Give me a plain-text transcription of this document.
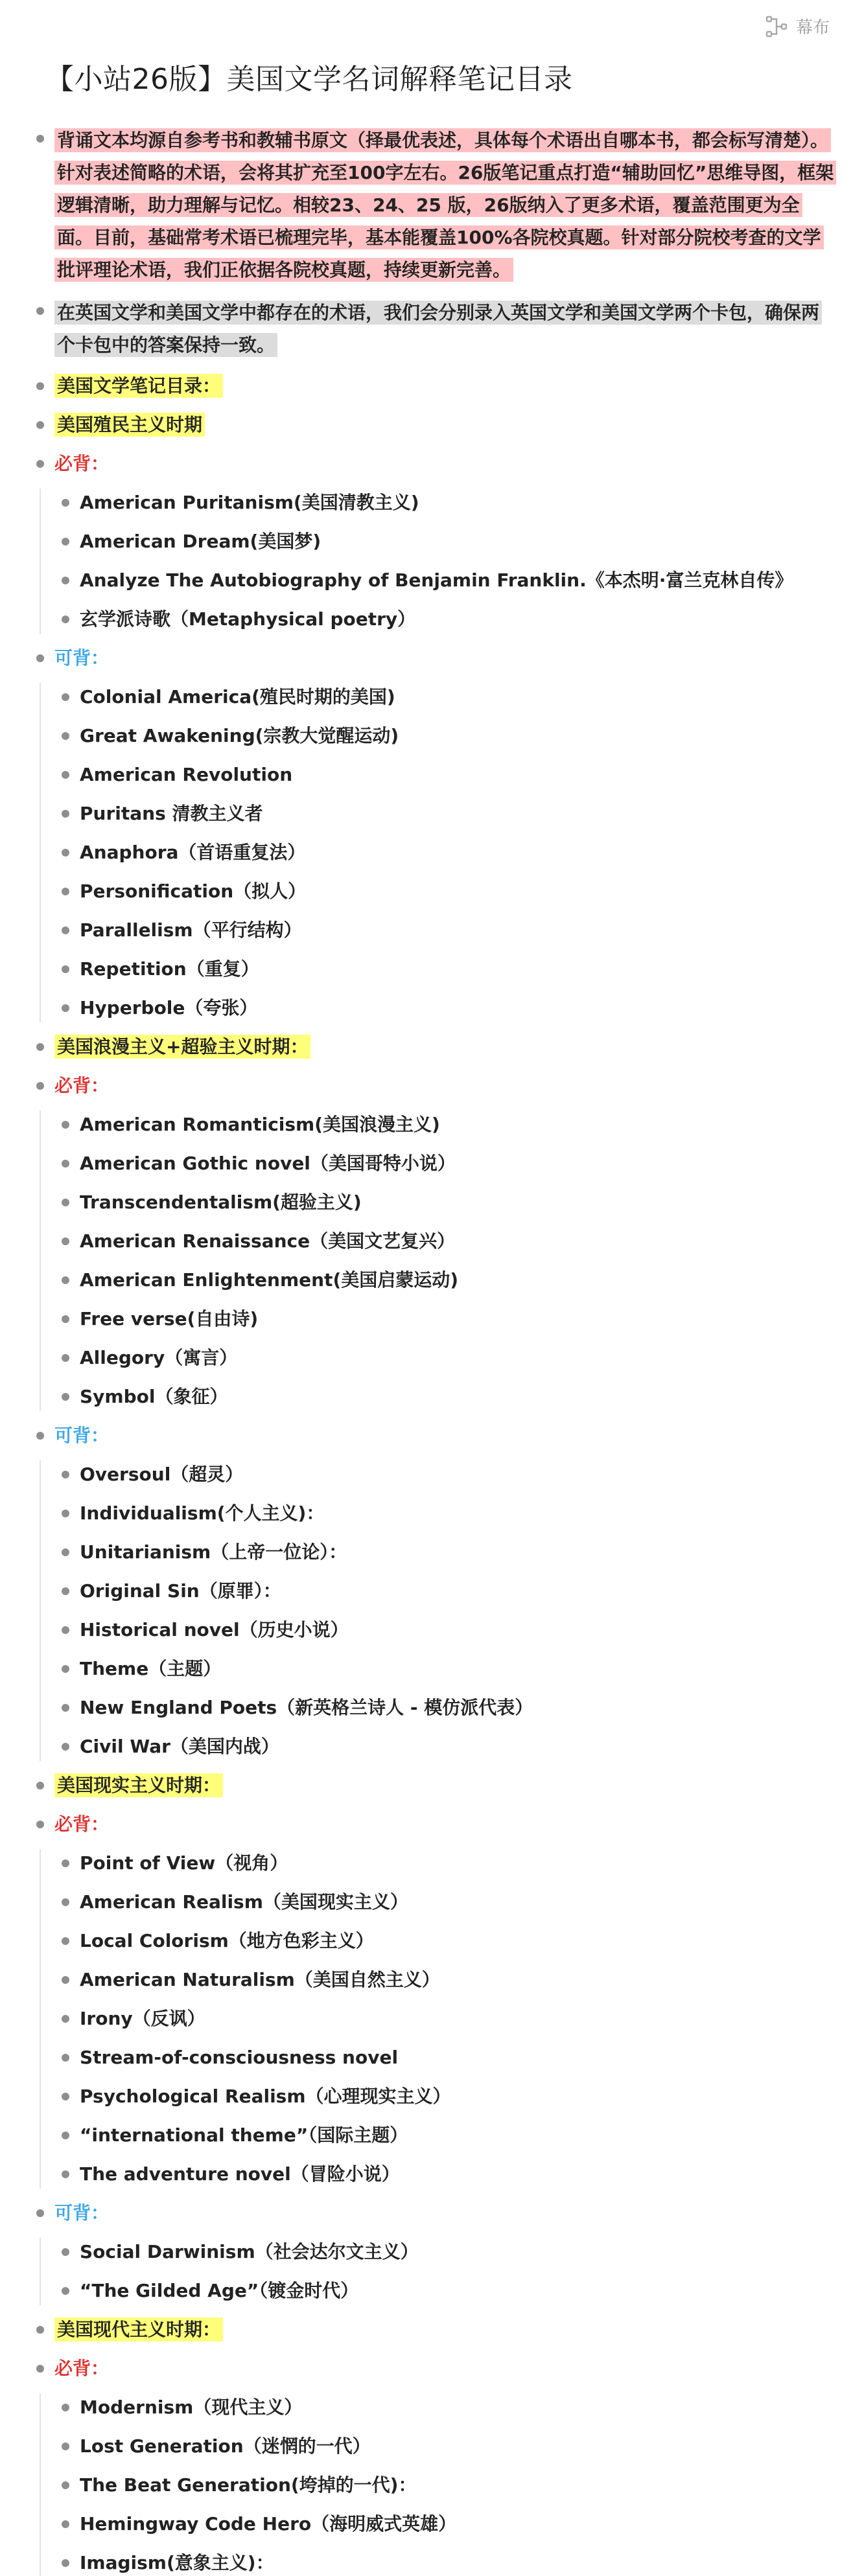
幕布
【小站26版】美国文学名词解释笔记目录
背诵文本均源自参考书和教辅书原文（择最优表述，具体每个术语出自哪本书，都会标写清楚）。针对表述简略的术语，会将其扩充至100字左右。26版笔记重点打造“辅助回忆”思维导图，框架逻辑清晰，助力理解与记忆。相较23、24、25 版，26版纳入了更多术语，覆盖范围更为全面。目前，基础常考术语已梳理完毕，基本能覆盖100%各院校真题。针对部分院校考查的文学批评理论术语，我们正依据各院校真题，持续更新完善。
在英国文学和美国文学中都存在的术语，我们会分别录入英国文学和美国文学两个卡包，确保两个卡包中的答案保持一致。
美国文学笔记目录：
美国殖民主义时期
必背：
American Puritanism(美国清教主义)
American Dream(美国梦)
Analyze The Autobiography of Benjamin Franklin.《本杰明·富兰克林自传》
玄学派诗歌（Metaphysical poetry）
可背：
Colonial America(殖民时期的美国)
Great Awakening(宗教大觉醒运动)
American Revolution
Puritans 清教主义者
Anaphora（首语重复法）
Personification（拟人）
Parallelism（平行结构）
Repetition（重复）
Hyperbole（夸张）
美国浪漫主义+超验主义时期：
必背：
American Romanticism(美国浪漫主义)
American Gothic novel（美国哥特小说）
Transcendentalism(超验主义)
American Renaissance（美国文艺复兴）
American Enlightenment(美国启蒙运动)
Free verse(自由诗)
Allegory（寓言）
Symbol（象征）
可背：
Oversoul（超灵）
Individualism(个人主义)：
Unitarianism（上帝一位论）：
Original Sin（原罪）：
Historical novel（历史小说）
Theme（主题）
New England Poets（新英格兰诗人 - 模仿派代表）
Civil War（美国内战）
美国现实主义时期：
必背：
Point of View（视角）
American Realism（美国现实主义）
Local Colorism（地方色彩主义）
American Naturalism（美国自然主义）
Irony（反讽）
Stream-of-consciousness novel
Psychological Realism（心理现实主义）
“international theme”（国际主题）
The adventure novel（冒险小说）
可背：
Social Darwinism（社会达尔文主义）
“The Gilded Age”（镀金时代）
美国现代主义时期：
必背：
Modernism（现代主义）
Lost Generation（迷惘的一代）
The Beat Generation(垮掉的一代)：
Hemingway Code Hero（海明威式英雄）
Imagism(意象主义)：
